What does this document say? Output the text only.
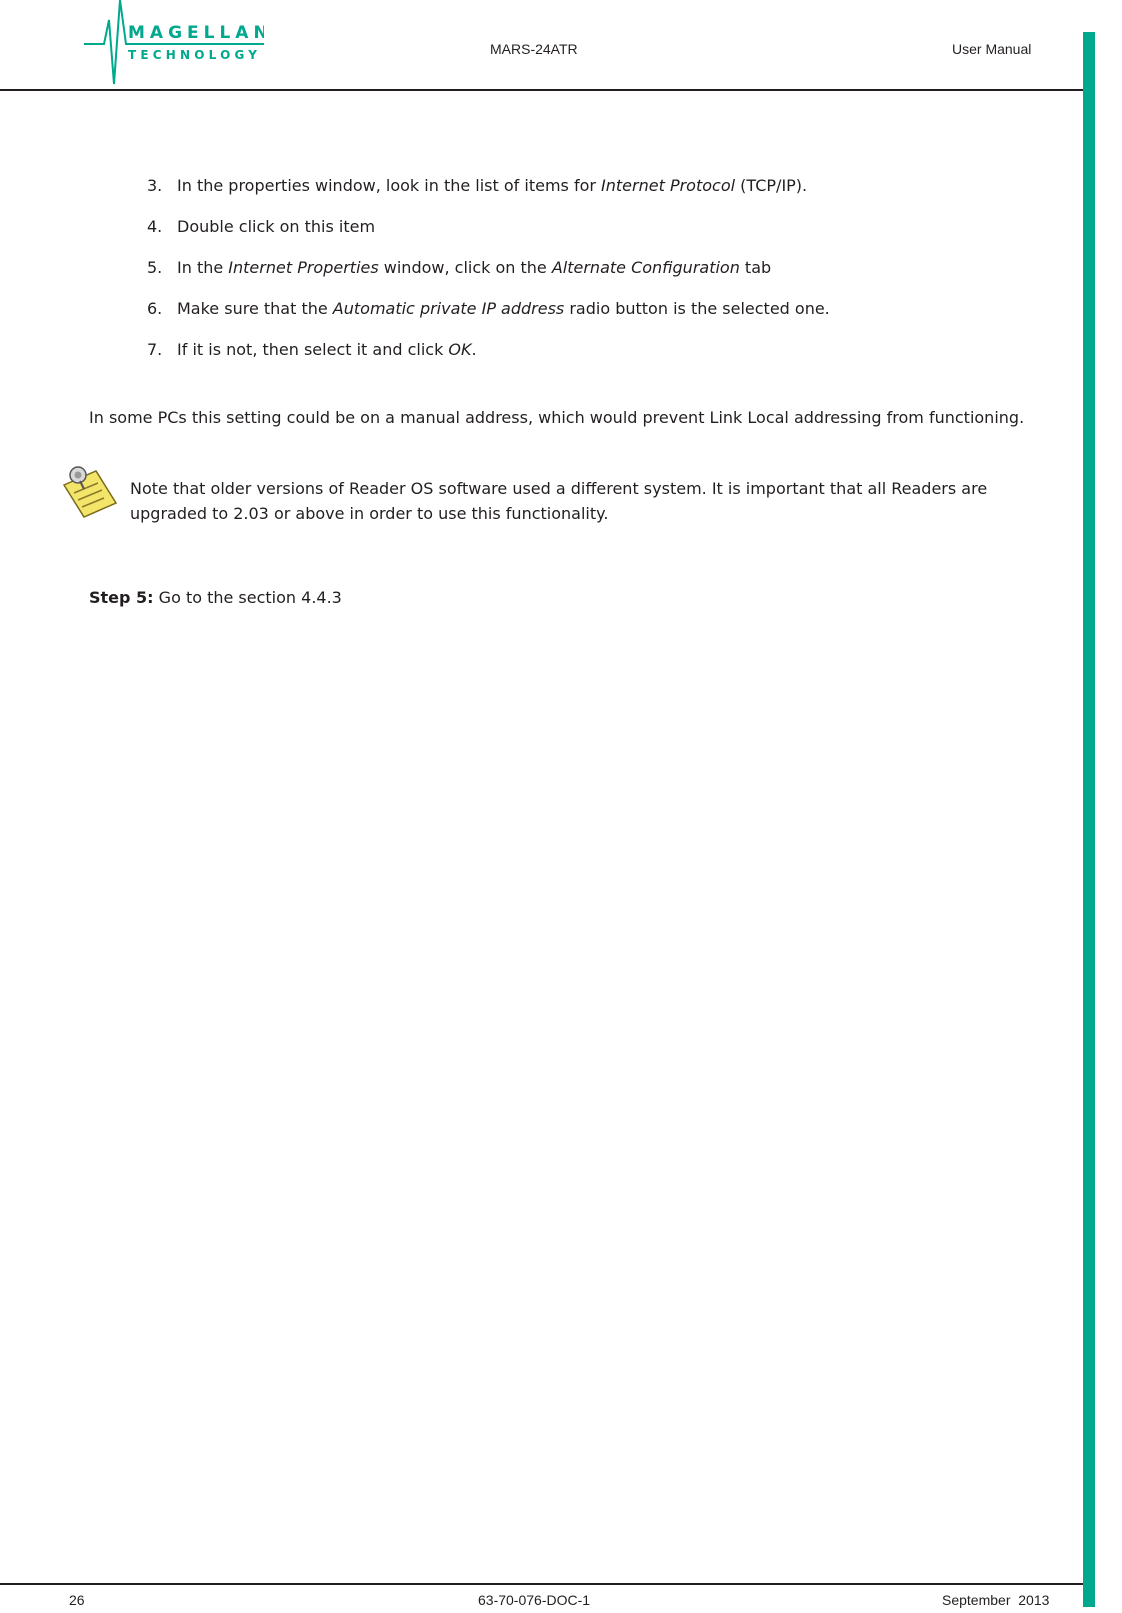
MAGELLAN
TECHNOLOGY	MARS-24ATR	User Manual
3. In the properties window, look in the list of items for Internet Protocol (TCP/IP).
4. Double click on this item
5. In the Internet Properties window, click on the Alternate Configuration tab
6. Make sure that the Automatic private IP address radio button is the selected one.
7. If it is not, then select it and click OK.
In some PCs this setting could be on a manual address, which would prevent Link Local addressing from functioning.
Note that older versions of Reader OS software used a different system. It is important that all Readers are upgraded to 2.03 or above in order to use this functionality.
Step 5: Go to the section 4.4.3
26	63-70-076-DOC-1	September  2013
